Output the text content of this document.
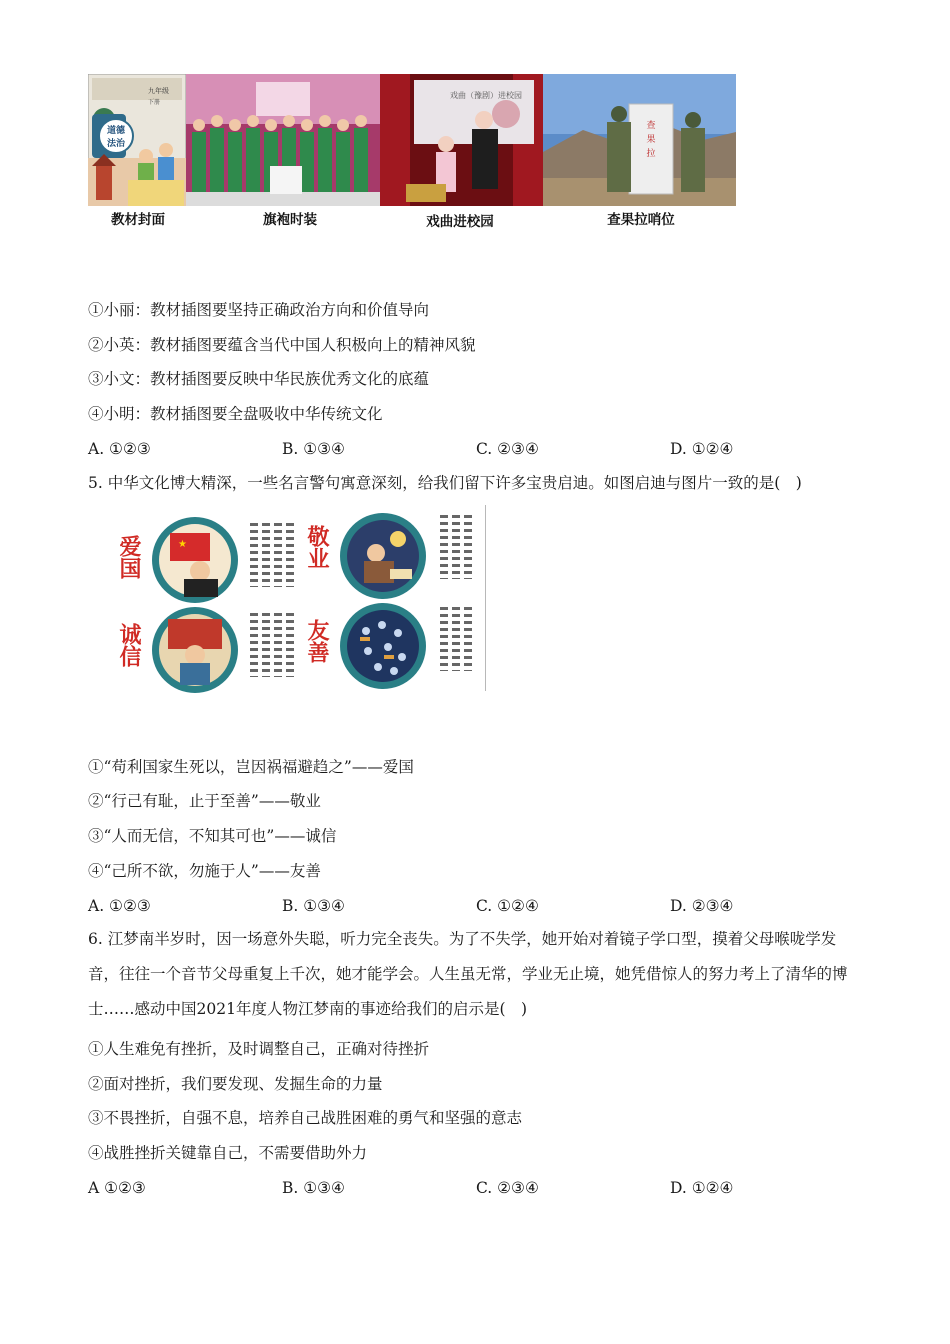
九年级
下册
道德
法治
戏曲（豫剧）进校园
查
果
拉
教材封面	旗袍时装	戏曲进校园	查果拉哨位
①小丽：教材插图要坚持正确政治方向和价值导向
②小英：教材插图要蕴含当代中国人积极向上的精神风貌
③小文：教材插图要反映中华民族优秀文化的底蕴
④小明：教材插图要全盘吸收中华传统文化
A. ①②③	B. ①③④	C. ②③④	D. ①②④
5. 中华文化博大精深，一些名言警句寓意深刻，给我们留下许多宝贵启迪。如图启迪与图片一致的是(　)
爱国	★	敬业
诚信	友善
①“苟利国家生死以，岂因祸福避趋之”——爱国
②“行己有耻，止于至善”——敬业
③“人而无信，不知其可也”——诚信
④“己所不欲，勿施于人”——友善
A. ①②③	B. ①③④	C. ①②④	D. ②③④
6. 江梦南半岁时，因一场意外失聪，听力完全丧失。为了不失学，她开始对着镜子学口型，摸着父母喉咙学发音，往往一个音节父母重复上千次，她才能学会。人生虽无常，学业无止境，她凭借惊人的努力考上了清华的博士……感动中国2021年度人物江梦南的事迹给我们的启示是(　)
①人生难免有挫折，及时调整自己，正确对待挫折
②面对挫折，我们要发现、发掘生命的力量
③不畏挫折，自强不息，培养自己战胜困难的勇气和坚强的意志
④战胜挫折关键靠自己，不需要借助外力
A ①②③	B. ①③④	C. ②③④	D. ①②④
